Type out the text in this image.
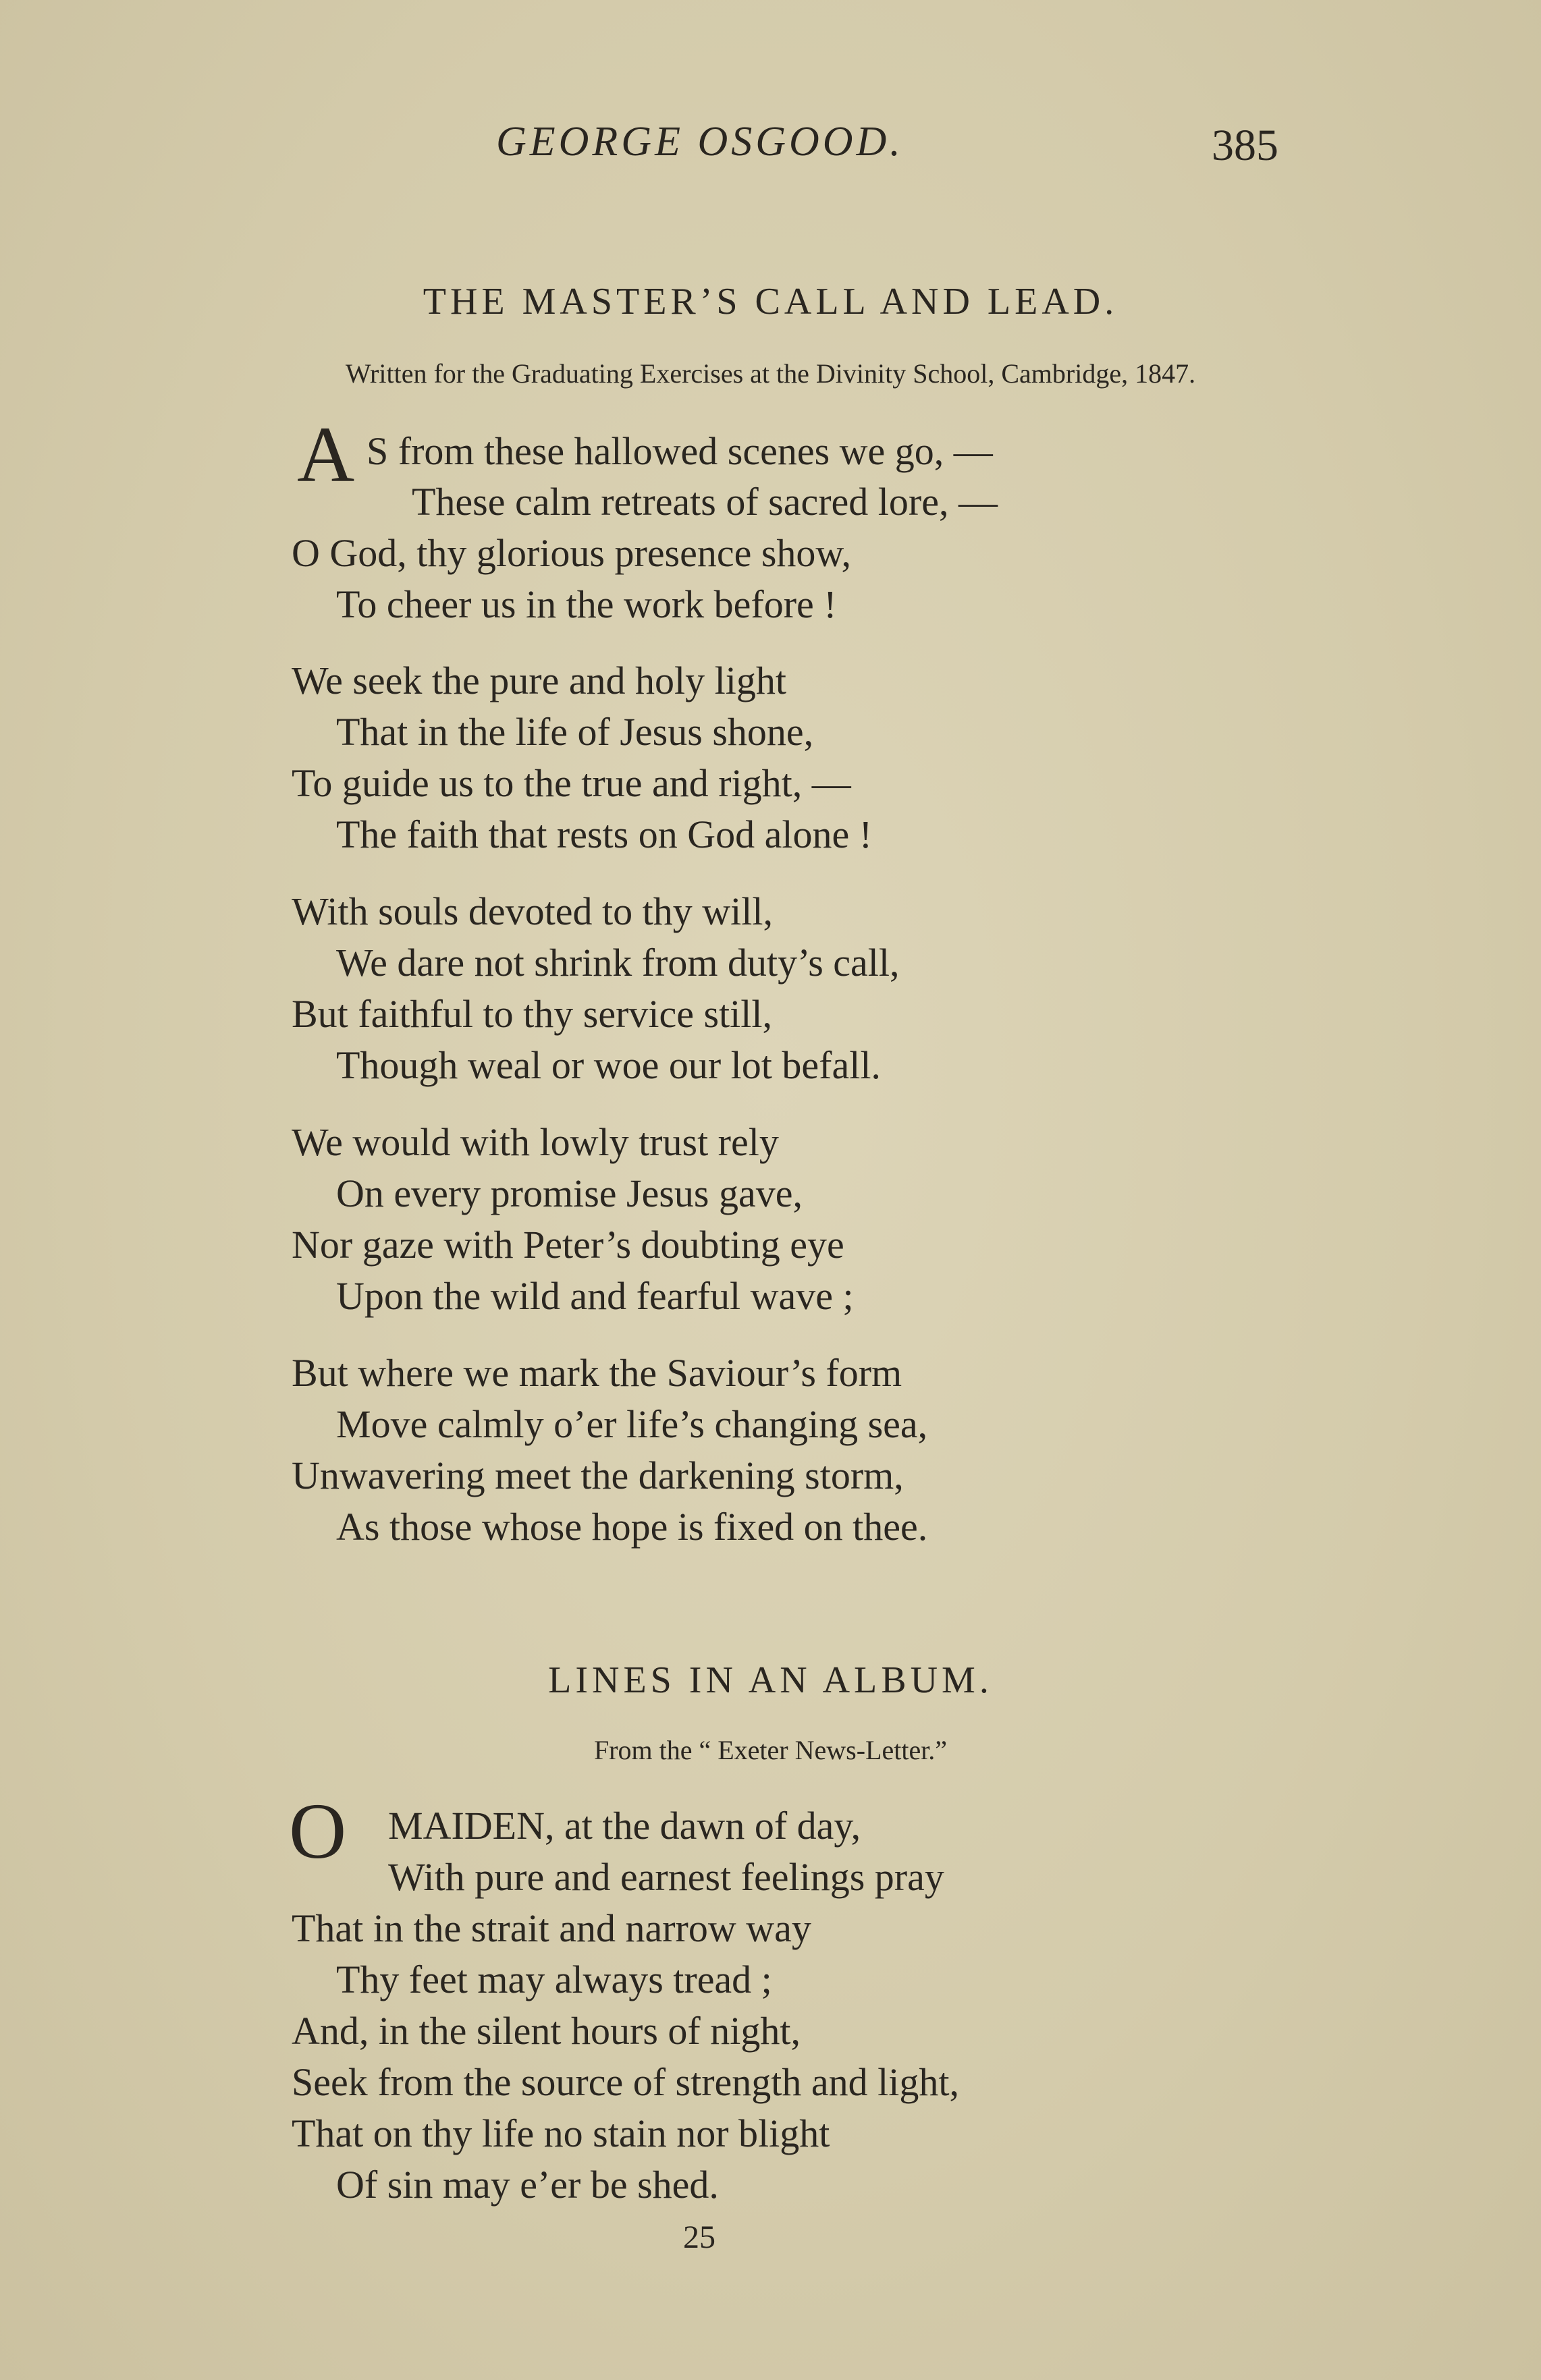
GEORGE OSGOOD.	385
THE MASTER’S CALL AND LEAD.
Written for the Graduating Exercises at the Divinity School, Cambridge, 1847.
A S from these hallowed scenes we go, —
These calm retreats of sacred lore, —
O God, thy glorious presence show,
To cheer us in the work before !
We seek the pure and holy light
That in the life of Jesus shone,
To guide us to the true and right, —
The faith that rests on God alone !
With souls devoted to thy will,
We dare not shrink from duty’s call,
But faithful to thy service still,
Though weal or woe our lot befall.
We would with lowly trust rely
On every promise Jesus gave,
Nor gaze with Peter’s doubting eye
Upon the wild and fearful wave ;
But where we mark the Saviour’s form
Move calmly o’er life’s changing sea,
Unwavering meet the darkening storm,
As those whose hope is fixed on thee.
LINES IN AN ALBUM.
From the “ Exeter News-Letter.”
O MAIDEN, at the dawn of day,
With pure and earnest feelings pray
That in the strait and narrow way
Thy feet may always tread ;
And, in the silent hours of night,
Seek from the source of strength and light,
That on thy life no stain nor blight
Of sin may e’er be shed.
25
